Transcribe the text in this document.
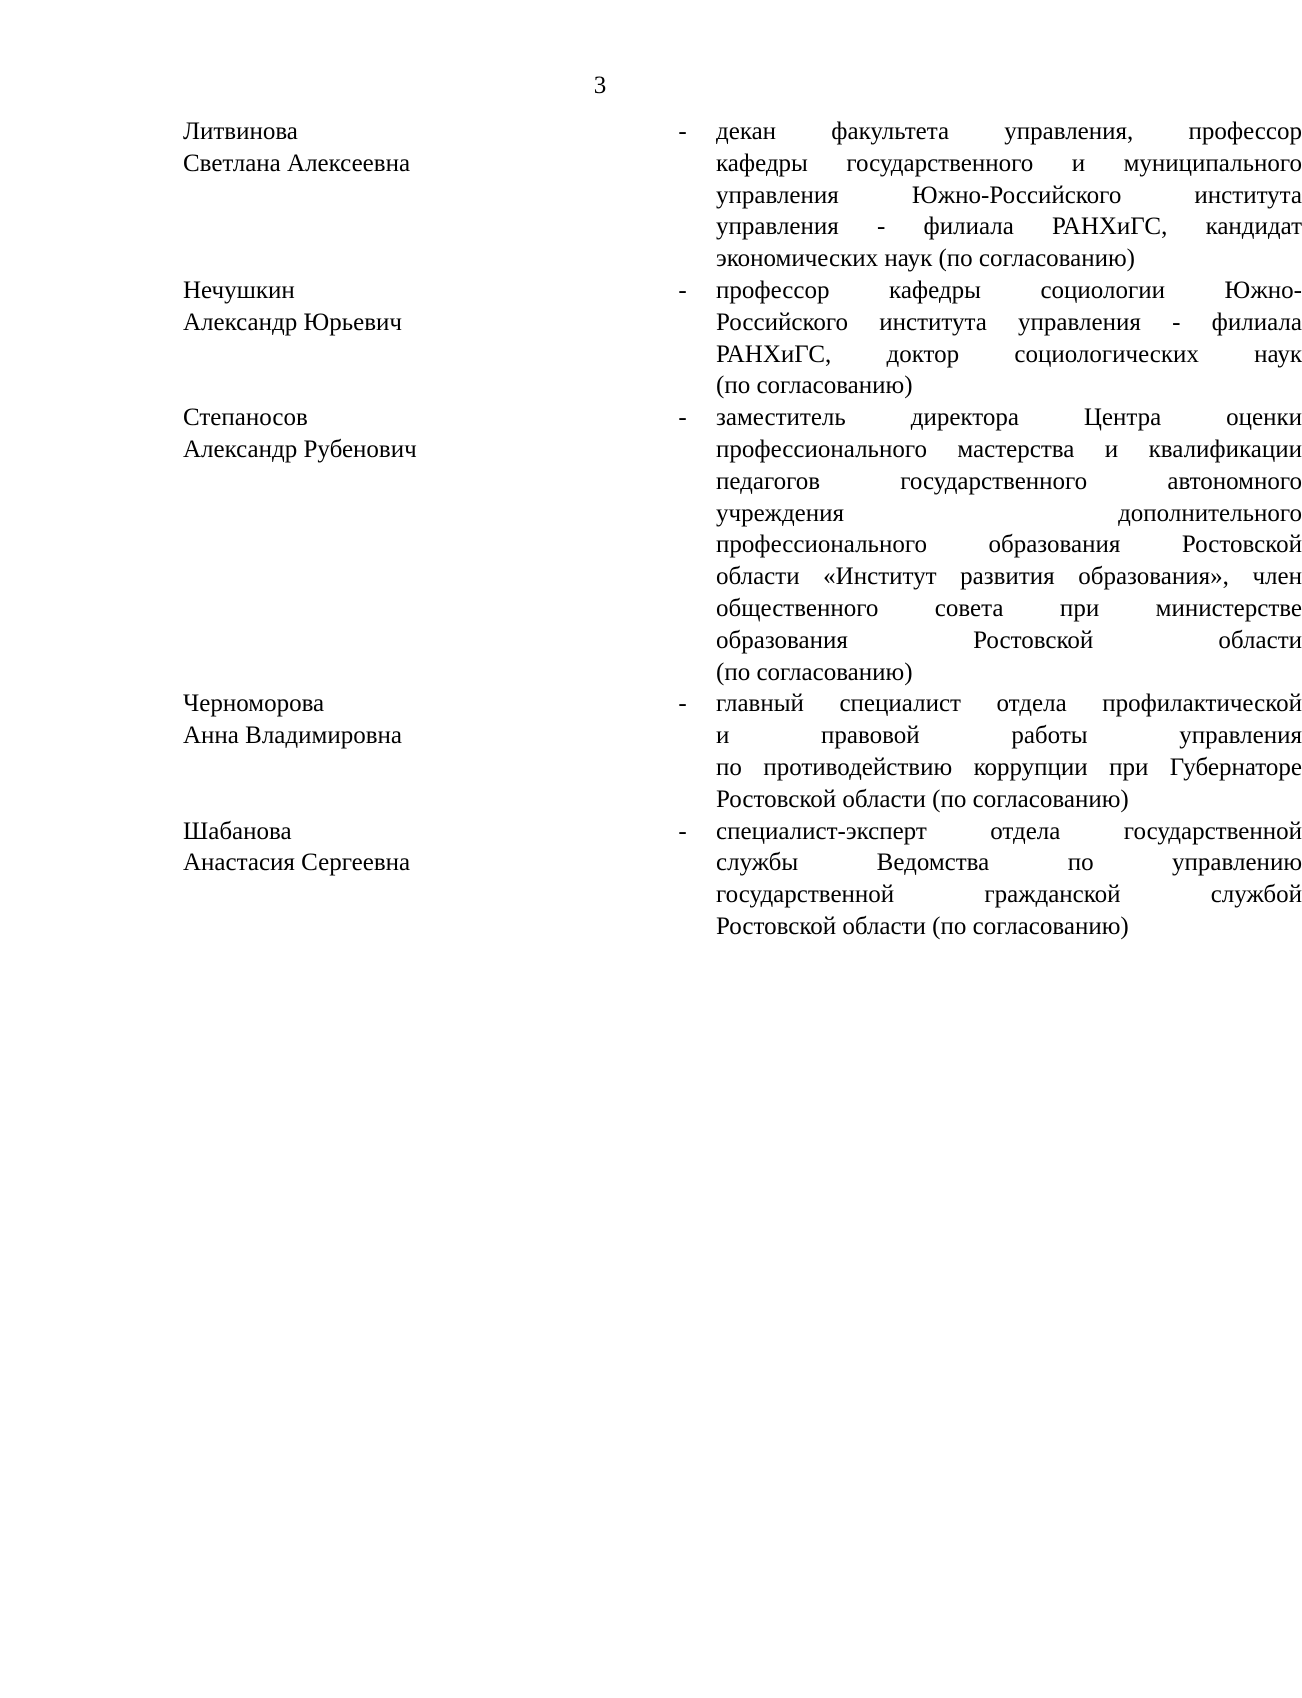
3
Литвинова
Светлана Алексеевна
-	декан факультета управления, профессор
кафедры государственного и муниципального
управления Южно-Российского института
управления - филиала РАНХиГС, кандидат
экономических наук (по согласованию)
Нечушкин
Александр Юрьевич
-	профессор кафедры социологии Южно-
Российского института управления - филиала
РАНХиГС, доктор социологических наук
(по согласованию)
Степаносов
Александр Рубенович
-	заместитель директора Центра оценки
профессионального мастерства и квалификации
педагогов государственного автономного
учреждения дополнительного
профессионального образования Ростовской
области «Институт развития образования», член
общественного совета при министерстве
образования Ростовской области
(по согласованию)
Черноморова
Анна Владимировна
-	главный специалист отдела профилактической
и правовой работы управления
по противодействию коррупции при Губернаторе
Ростовской области (по согласованию)
Шабанова
Анастасия Сергеевна
-	специалист-эксперт отдела государственной
службы Ведомства по управлению
государственной гражданской службой
Ростовской области (по согласованию)
